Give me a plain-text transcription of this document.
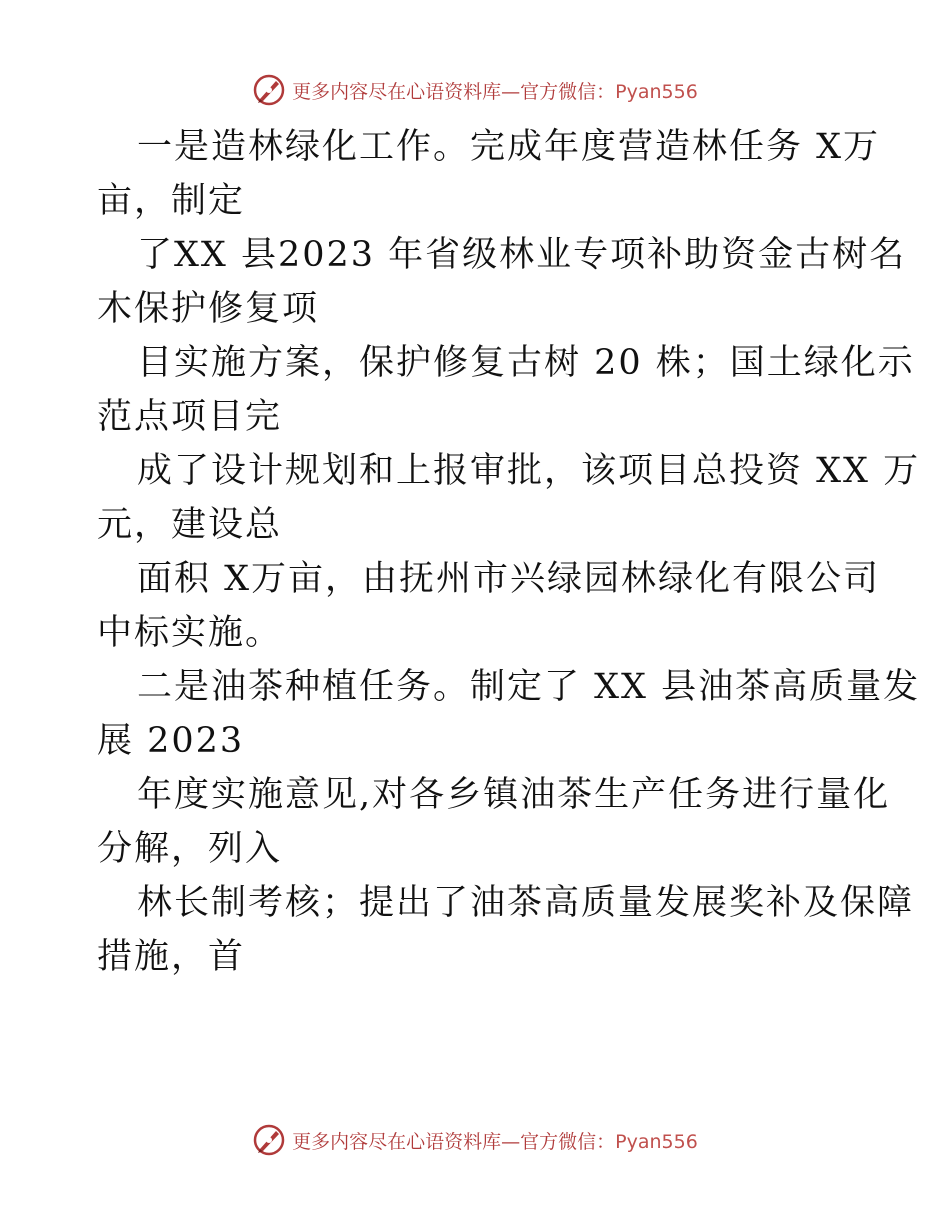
更多内容尽在心语资料库—官方微信：Pyan556
一是造林绿化工作。完成年度营造林任务 X万
亩，制定
了XX 县2023 年省级林业专项补助资金古树名
木保护修复项
目实施方案，保护修复古树 20 株；国土绿化示
范点项目完
成了设计规划和上报审批，该项目总投资 XX 万
元，建设总
面积 X万亩，由抚州市兴绿园林绿化有限公司
中标实施。
二是油茶种植任务。制定了 XX 县油茶高质量发
展 2023
年度实施意见,对各乡镇油茶生产任务进行量化
分解，列入
林长制考核；提出了油茶高质量发展奖补及保障
措施，首
更多内容尽在心语资料库—官方微信：Pyan556
